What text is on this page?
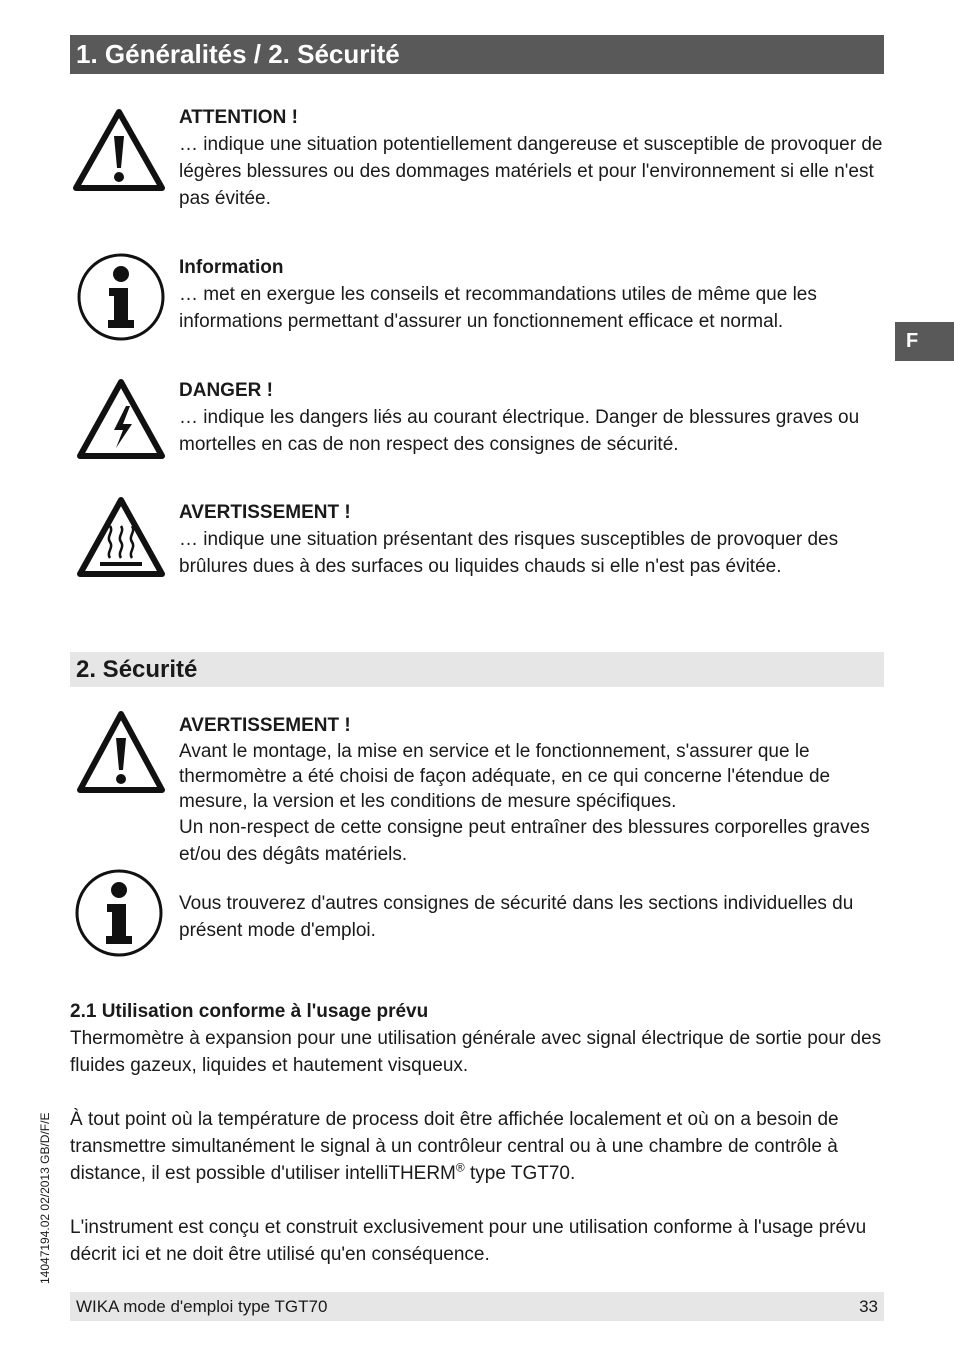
1. Généralités / 2. Sécurité
F
ATTENTION !
… indique une situation potentiellement dangereuse et susceptible de provoquer de légères blessures ou des dommages matériels et pour l'environnement si elle n'est pas évitée.
Information
… met en exergue les conseils et recommandations utiles de même que les informations permettant d'assurer un fonctionnement efficace et normal.
DANGER !
… indique les dangers liés au courant électrique. Danger de blessures graves ou mortelles en cas de non respect des consignes de sécurité.
AVERTISSEMENT !
… indique une situation présentant des risques susceptibles de provoquer des brûlures dues à des surfaces ou liquides chauds si elle n'est pas évitée.
2. Sécurité
AVERTISSEMENT !
Avant le montage, la mise en service et le fonctionnement, s'assurer que le thermomètre a été choisi de façon adéquate, en ce qui concerne l'étendue de mesure, la version et les conditions de mesure spécifiques.
Un non-respect de cette consigne peut entraîner des blessures corporelles graves et/ou des dégâts matériels.
Vous trouverez d'autres consignes de sécurité dans les sections individuelles du présent mode d'emploi.
2.1 Utilisation conforme à l'usage prévu

Thermomètre à expansion pour une utilisation générale avec signal électrique de sortie pour des fluides gazeux, liquides et hautement visqueux.

À tout point où la température de process doit être affichée localement et où on a besoin de transmettre simultanément le signal à un contrôleur central ou à une chambre de contrôle à distance, il est possible d'utiliser intelliTHERM® type TGT70.

L'instrument est conçu et construit exclusivement pour une utilisation conforme à l'usage prévu décrit ici et ne doit être utilisé qu'en conséquence.

14047194.02 02/2013 GB/D/F/E
WIKA mode d'emploi type TGT70	33
